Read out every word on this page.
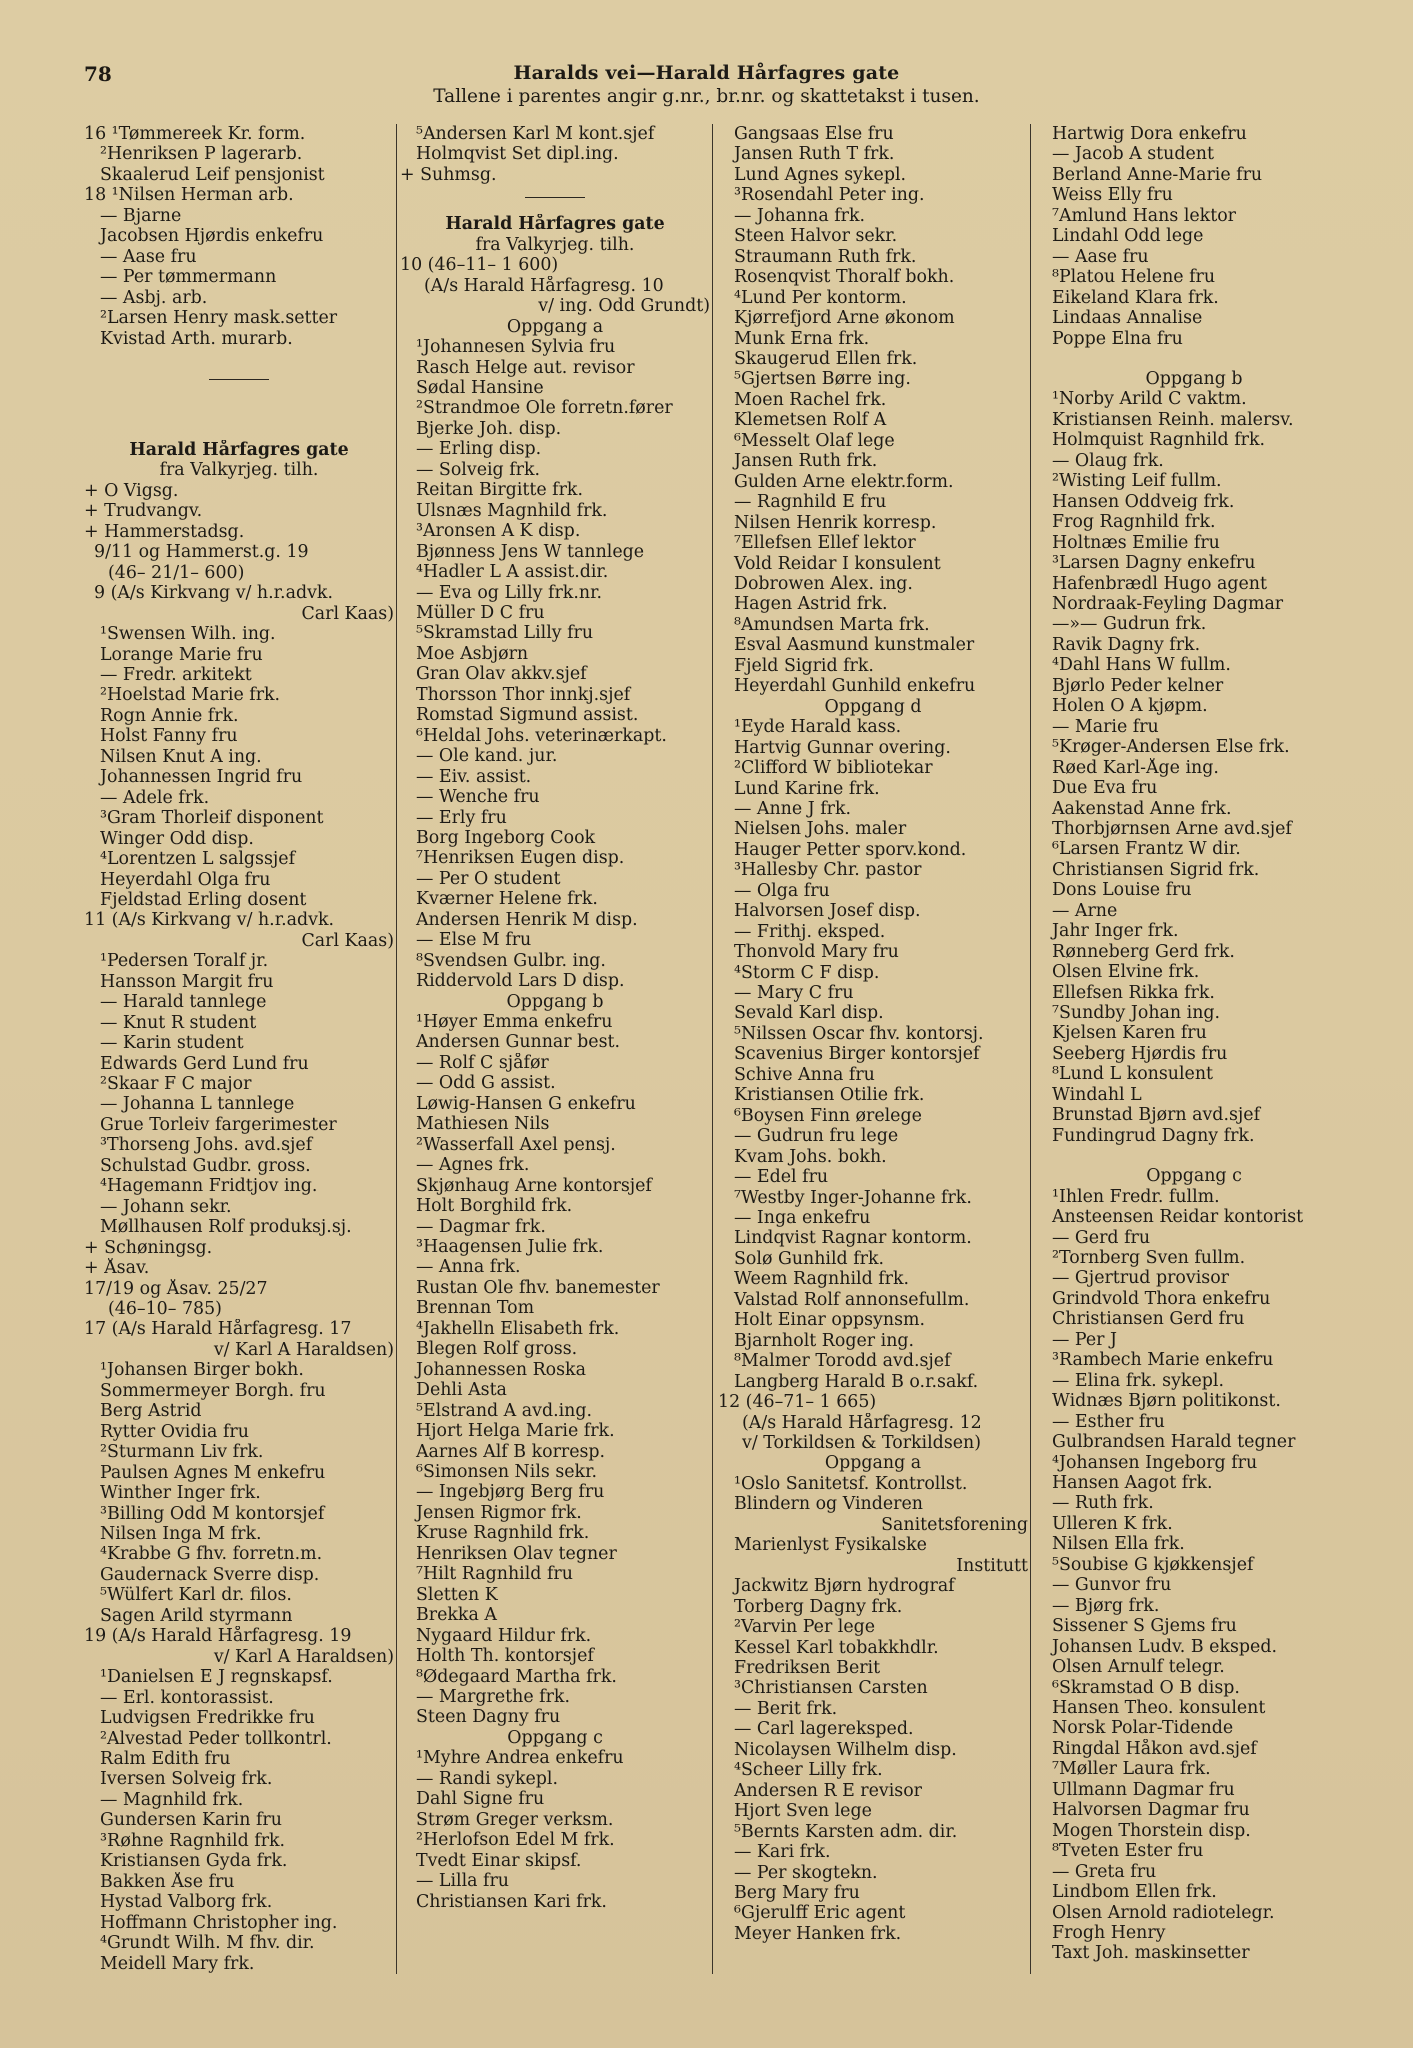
78	Haralds vei—Harald Hårfagres gate
Tallene i parentes angir g.nr., br.nr. og skattetakst i tusen.
16 ¹Tømmereek Kr. form.
²Henriksen P lagerarb.
Skaalerud Leif pensjonist
18 ¹Nilsen Herman arb.
— Bjarne
Jacobsen Hjørdis enkefru
— Aase fru
— Per tømmermann
— Asbj. arb.
²Larsen Henry mask.setter
Kvistad Arth. murarb.
Harald Hårfagres gate
fra Valkyrjeg. tilh.
+ O Vigsg.
+ Trudvangv.
+ Hammerstadsg.
9/11 og Hammerst.g. 19
(46– 21/1– 600)
9 (A/s Kirkvang v/ h.r.advk.
Carl Kaas)
¹Swensen Wilh. ing.
Lorange Marie fru
— Fredr. arkitekt
²Hoelstad Marie frk.
Rogn Annie frk.
Holst Fanny fru
Nilsen Knut A ing.
Johannessen Ingrid fru
— Adele frk.
³Gram Thorleif disponent
Winger Odd disp.
⁴Lorentzen L salgssjef
Heyerdahl Olga fru
Fjeldstad Erling dosent
11 (A/s Kirkvang v/ h.r.advk.
Carl Kaas)
¹Pedersen Toralf jr.
Hansson Margit fru
— Harald tannlege
— Knut R student
— Karin student
Edwards Gerd Lund fru
²Skaar F C major
— Johanna L tannlege
Grue Torleiv fargerimester
³Thorseng Johs. avd.sjef
Schulstad Gudbr. gross.
⁴Hagemann Fridtjov ing.
— Johann sekr.
Møllhausen Rolf produksj.sj.
+ Schøningsg.
+ Åsav.
17/19 og Åsav. 25/27
(46–10– 785)
17 (A/s Harald Hårfagresg. 17
v/ Karl A Haraldsen)
¹Johansen Birger bokh.
Sommermeyer Borgh. fru
Berg Astrid
Rytter Ovidia fru
²Sturmann Liv frk.
Paulsen Agnes M enkefru
Winther Inger frk.
³Billing Odd M kontorsjef
Nilsen Inga M frk.
⁴Krabbe G fhv. forretn.m.
Gaudernack Sverre disp.
⁵Wülfert Karl dr. filos.
Sagen Arild styrmann
19 (A/s Harald Hårfagresg. 19
v/ Karl A Haraldsen)
¹Danielsen E J regnskapsf.
— Erl. kontorassist.
Ludvigsen Fredrikke fru
²Alvestad Peder tollkontrl.
Ralm Edith fru
Iversen Solveig frk.
— Magnhild frk.
Gundersen Karin fru
³Røhne Ragnhild frk.
Kristiansen Gyda frk.
Bakken Åse fru
Hystad Valborg frk.
Hoffmann Christopher ing.
⁴Grundt Wilh. M fhv. dir.
Meidell Mary frk.
⁵Andersen Karl M kont.sjef
Holmqvist Set dipl.ing.
+ Suhmsg.
Harald Hårfagres gate
fra Valkyrjeg. tilh.
10 (46–11– 1 600)
(A/s Harald Hårfagresg. 10
v/ ing. Odd Grundt)
Oppgang a
¹Johannesen Sylvia fru
Rasch Helge aut. revisor
Sødal Hansine
²Strandmoe Ole forretn.fører
Bjerke Joh. disp.
— Erling disp.
— Solveig frk.
Reitan Birgitte frk.
Ulsnæs Magnhild frk.
³Aronsen A K disp.
Bjønness Jens W tannlege
⁴Hadler L A assist.dir.
— Eva og Lilly frk.nr.
Müller D C fru
⁵Skramstad Lilly fru
Moe Asbjørn
Gran Olav akkv.sjef
Thorsson Thor innkj.sjef
Romstad Sigmund assist.
⁶Heldal Johs. veterinærkapt.
— Ole kand. jur.
— Eiv. assist.
— Wenche fru
— Erly fru
Borg Ingeborg Cook
⁷Henriksen Eugen disp.
— Per O student
Kværner Helene frk.
Andersen Henrik M disp.
— Else M fru
⁸Svendsen Gulbr. ing.
Riddervold Lars D disp.
Oppgang b
¹Høyer Emma enkefru
Andersen Gunnar best.
— Rolf C sjåfør
— Odd G assist.
Løwig-Hansen G enkefru
Mathiesen Nils
²Wasserfall Axel pensj.
— Agnes frk.
Skjønhaug Arne kontorsjef
Holt Borghild frk.
— Dagmar frk.
³Haagensen Julie frk.
— Anna frk.
Rustan Ole fhv. banemester
Brennan Tom
⁴Jakhelln Elisabeth frk.
Blegen Rolf gross.
Johannessen Roska
Dehli Asta
⁵Elstrand A avd.ing.
Hjort Helga Marie frk.
Aarnes Alf B korresp.
⁶Simonsen Nils sekr.
— Ingebjørg Berg fru
Jensen Rigmor frk.
Kruse Ragnhild frk.
Henriksen Olav tegner
⁷Hilt Ragnhild fru
Sletten K
Brekka A
Nygaard Hildur frk.
Holth Th. kontorsjef
⁸Ødegaard Martha frk.
— Margrethe frk.
Steen Dagny fru
Oppgang c
¹Myhre Andrea enkefru
— Randi sykepl.
Dahl Signe fru
Strøm Greger verksm.
²Herlofson Edel M frk.
Tvedt Einar skipsf.
— Lilla fru
Christiansen Kari frk.
Gangsaas Else fru
Jansen Ruth T frk.
Lund Agnes sykepl.
³Rosendahl Peter ing.
— Johanna frk.
Steen Halvor sekr.
Straumann Ruth frk.
Rosenqvist Thoralf bokh.
⁴Lund Per kontorm.
Kjørrefjord Arne økonom
Munk Erna frk.
Skaugerud Ellen frk.
⁵Gjertsen Børre ing.
Moen Rachel frk.
Klemetsen Rolf A
⁶Messelt Olaf lege
Jansen Ruth frk.
Gulden Arne elektr.form.
— Ragnhild E fru
Nilsen Henrik korresp.
⁷Ellefsen Ellef lektor
Vold Reidar I konsulent
Dobrowen Alex. ing.
Hagen Astrid frk.
⁸Amundsen Marta frk.
Esval Aasmund kunstmaler
Fjeld Sigrid frk.
Heyerdahl Gunhild enkefru
Oppgang d
¹Eyde Harald kass.
Hartvig Gunnar overing.
²Clifford W bibliotekar
Lund Karine frk.
— Anne J frk.
Nielsen Johs. maler
Hauger Petter sporv.kond.
³Hallesby Chr. pastor
— Olga fru
Halvorsen Josef disp.
— Frithj. eksped.
Thonvold Mary fru
⁴Storm C F disp.
— Mary C fru
Sevald Karl disp.
⁵Nilssen Oscar fhv. kontorsj.
Scavenius Birger kontorsjef
Schive Anna fru
Kristiansen Otilie frk.
⁶Boysen Finn ørelege
— Gudrun fru lege
Kvam Johs. bokh.
— Edel fru
⁷Westby Inger-Johanne frk.
— Inga enkefru
Lindqvist Ragnar kontorm.
Solø Gunhild frk.
Weem Ragnhild frk.
Valstad Rolf annonsefullm.
Holt Einar oppsynsm.
Bjarnholt Roger ing.
⁸Malmer Torodd avd.sjef
Langberg Harald B o.r.sakf.
12 (46–71– 1 665)
(A/s Harald Hårfagresg. 12
v/ Torkildsen & Torkildsen)
Oppgang a
¹Oslo Sanitetsf. Kontrollst.
Blindern og Vinderen
Sanitetsforening
Marienlyst Fysikalske
Institutt
Jackwitz Bjørn hydrograf
Torberg Dagny frk.
²Varvin Per lege
Kessel Karl tobakkhdlr.
Fredriksen Berit
³Christiansen Carsten
— Berit frk.
— Carl lagereksped.
Nicolaysen Wilhelm disp.
⁴Scheer Lilly frk.
Andersen R E revisor
Hjort Sven lege
⁵Bernts Karsten adm. dir.
— Kari frk.
— Per skogtekn.
Berg Mary fru
⁶Gjerulff Eric agent
Meyer Hanken frk.
Hartwig Dora enkefru
— Jacob A student
Berland Anne-Marie fru
Weiss Elly fru
⁷Amlund Hans lektor
Lindahl Odd lege
— Aase fru
⁸Platou Helene fru
Eikeland Klara frk.
Lindaas Annalise
Poppe Elna fru
Oppgang b
¹Norby Arild C vaktm.
Kristiansen Reinh. malersv.
Holmquist Ragnhild frk.
— Olaug frk.
²Wisting Leif fullm.
Hansen Oddveig frk.
Frog Ragnhild frk.
Holtnæs Emilie fru
³Larsen Dagny enkefru
Hafenbrædl Hugo agent
Nordraak-Feyling Dagmar
—»— Gudrun frk.
Ravik Dagny frk.
⁴Dahl Hans W fullm.
Bjørlo Peder kelner
Holen O A kjøpm.
— Marie fru
⁵Krøger-Andersen Else frk.
Røed Karl-Åge ing.
Due Eva fru
Aakenstad Anne frk.
Thorbjørnsen Arne avd.sjef
⁶Larsen Frantz W dir.
Christiansen Sigrid frk.
Dons Louise fru
— Arne
Jahr Inger frk.
Rønneberg Gerd frk.
Olsen Elvine frk.
Ellefsen Rikka frk.
⁷Sundby Johan ing.
Kjelsen Karen fru
Seeberg Hjørdis fru
⁸Lund L konsulent
Windahl L
Brunstad Bjørn avd.sjef
Fundingrud Dagny frk.
Oppgang c
¹Ihlen Fredr. fullm.
Ansteensen Reidar kontorist
— Gerd fru
²Tornberg Sven fullm.
— Gjertrud provisor
Grindvold Thora enkefru
Christiansen Gerd fru
— Per J
³Rambech Marie enkefru
— Elina frk. sykepl.
Widnæs Bjørn politikonst.
— Esther fru
Gulbrandsen Harald tegner
⁴Johansen Ingeborg fru
Hansen Aagot frk.
— Ruth frk.
Ulleren K frk.
Nilsen Ella frk.
⁵Soubise G kjøkkensjef
— Gunvor fru
— Bjørg frk.
Sissener S Gjems fru
Johansen Ludv. B eksped.
Olsen Arnulf telegr.
⁶Skramstad O B disp.
Hansen Theo. konsulent
Norsk Polar-Tidende
Ringdal Håkon avd.sjef
⁷Møller Laura frk.
Ullmann Dagmar fru
Halvorsen Dagmar fru
Mogen Thorstein disp.
⁸Tveten Ester fru
— Greta fru
Lindbom Ellen frk.
Olsen Arnold radiotelegr.
Frogh Henry
Taxt Joh. maskinsetter
